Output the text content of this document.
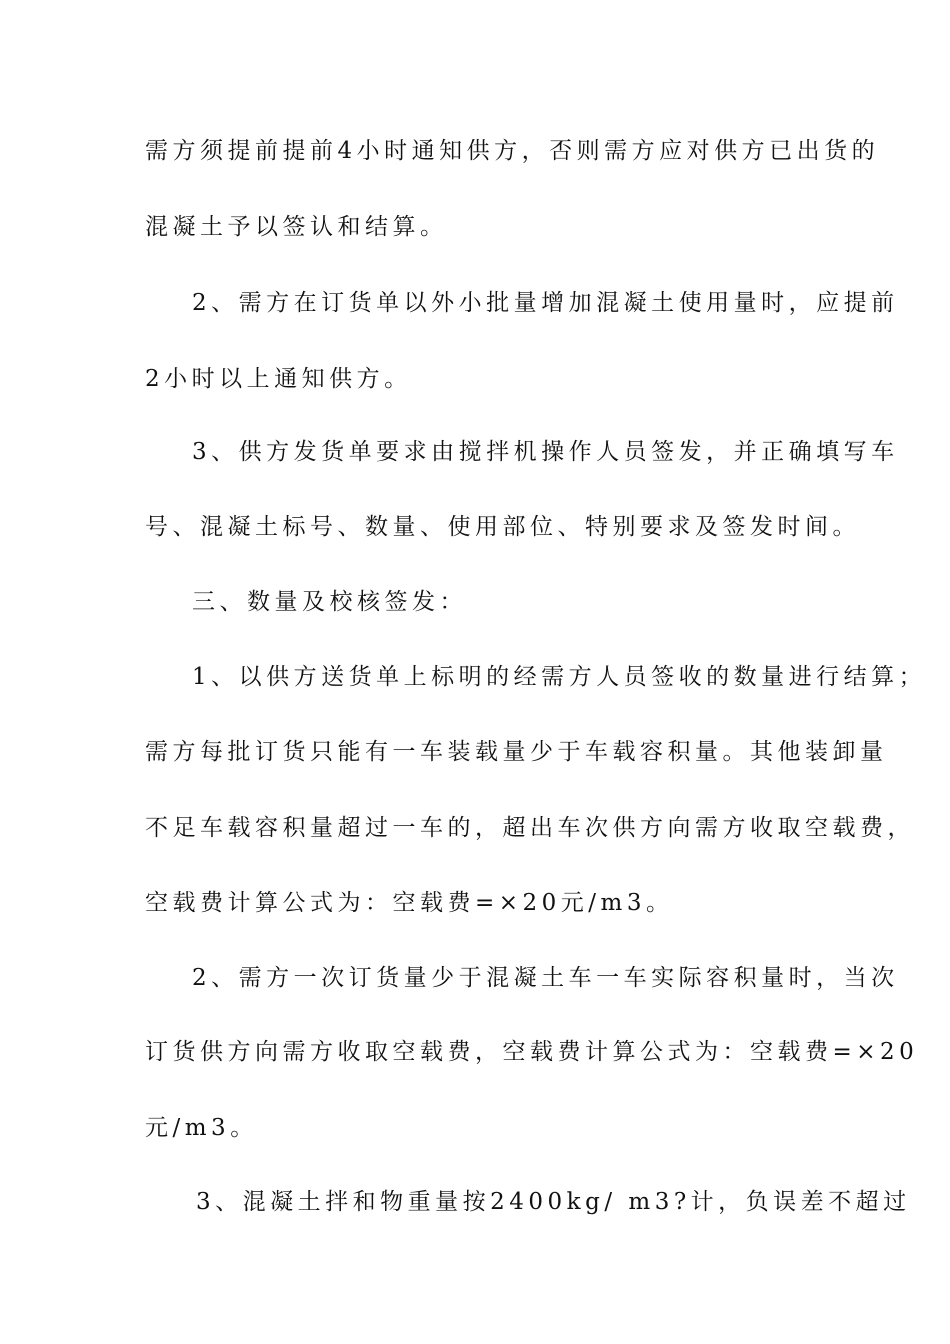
需方须提前提前4小时通知供方，否则需方应对供方已出货的
混凝土予以签认和结算。
2、需方在订货单以外小批量增加混凝土使用量时，应提前
2小时以上通知供方。
3、供方发货单要求由搅拌机操作人员签发，并正确填写车
号、混凝土标号、数量、使用部位、特别要求及签发时间。
三、数量及校核签发：
1、以供方送货单上标明的经需方人员签收的数量进行结算；
需方每批订货只能有一车装载量少于车载容积量。其他装卸量
不足车载容积量超过一车的，超出车次供方向需方收取空载费，
空载费计算公式为：空载费=×20元/m3。
2、需方一次订货量少于混凝土车一车实际容积量时，当次
订货供方向需方收取空载费，空载费计算公式为：空载费=×20
元/m3。
3、混凝土拌和物重量按2400kg/ m3?计，负误差不超过
